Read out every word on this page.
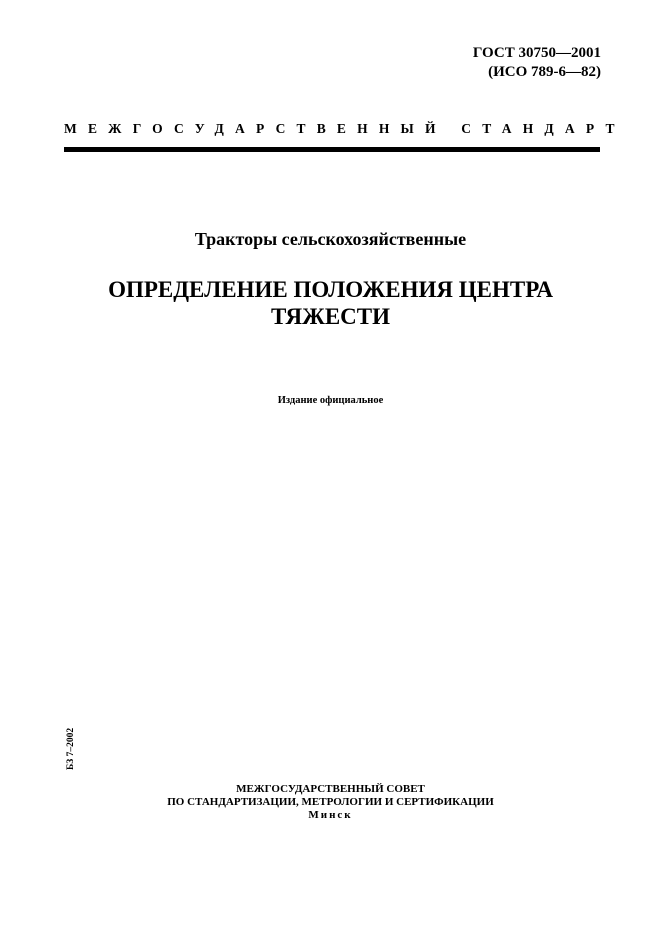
ГОСТ 30750—2001
(ИСО 789-6—82)
МЕЖГОСУДАРСТВЕННЫЙ СТАНДАРТ
Тракторы сельскохозяйственные
ОПРЕДЕЛЕНИЕ ПОЛОЖЕНИЯ ЦЕНТРА
ТЯЖЕСТИ
Издание официальное
БЗ 7–2002
МЕЖГОСУДАРСТВЕННЫЙ СОВЕТ
ПО СТАНДАРТИЗАЦИИ, МЕТРОЛОГИИ И СЕРТИФИКАЦИИ
Минск
